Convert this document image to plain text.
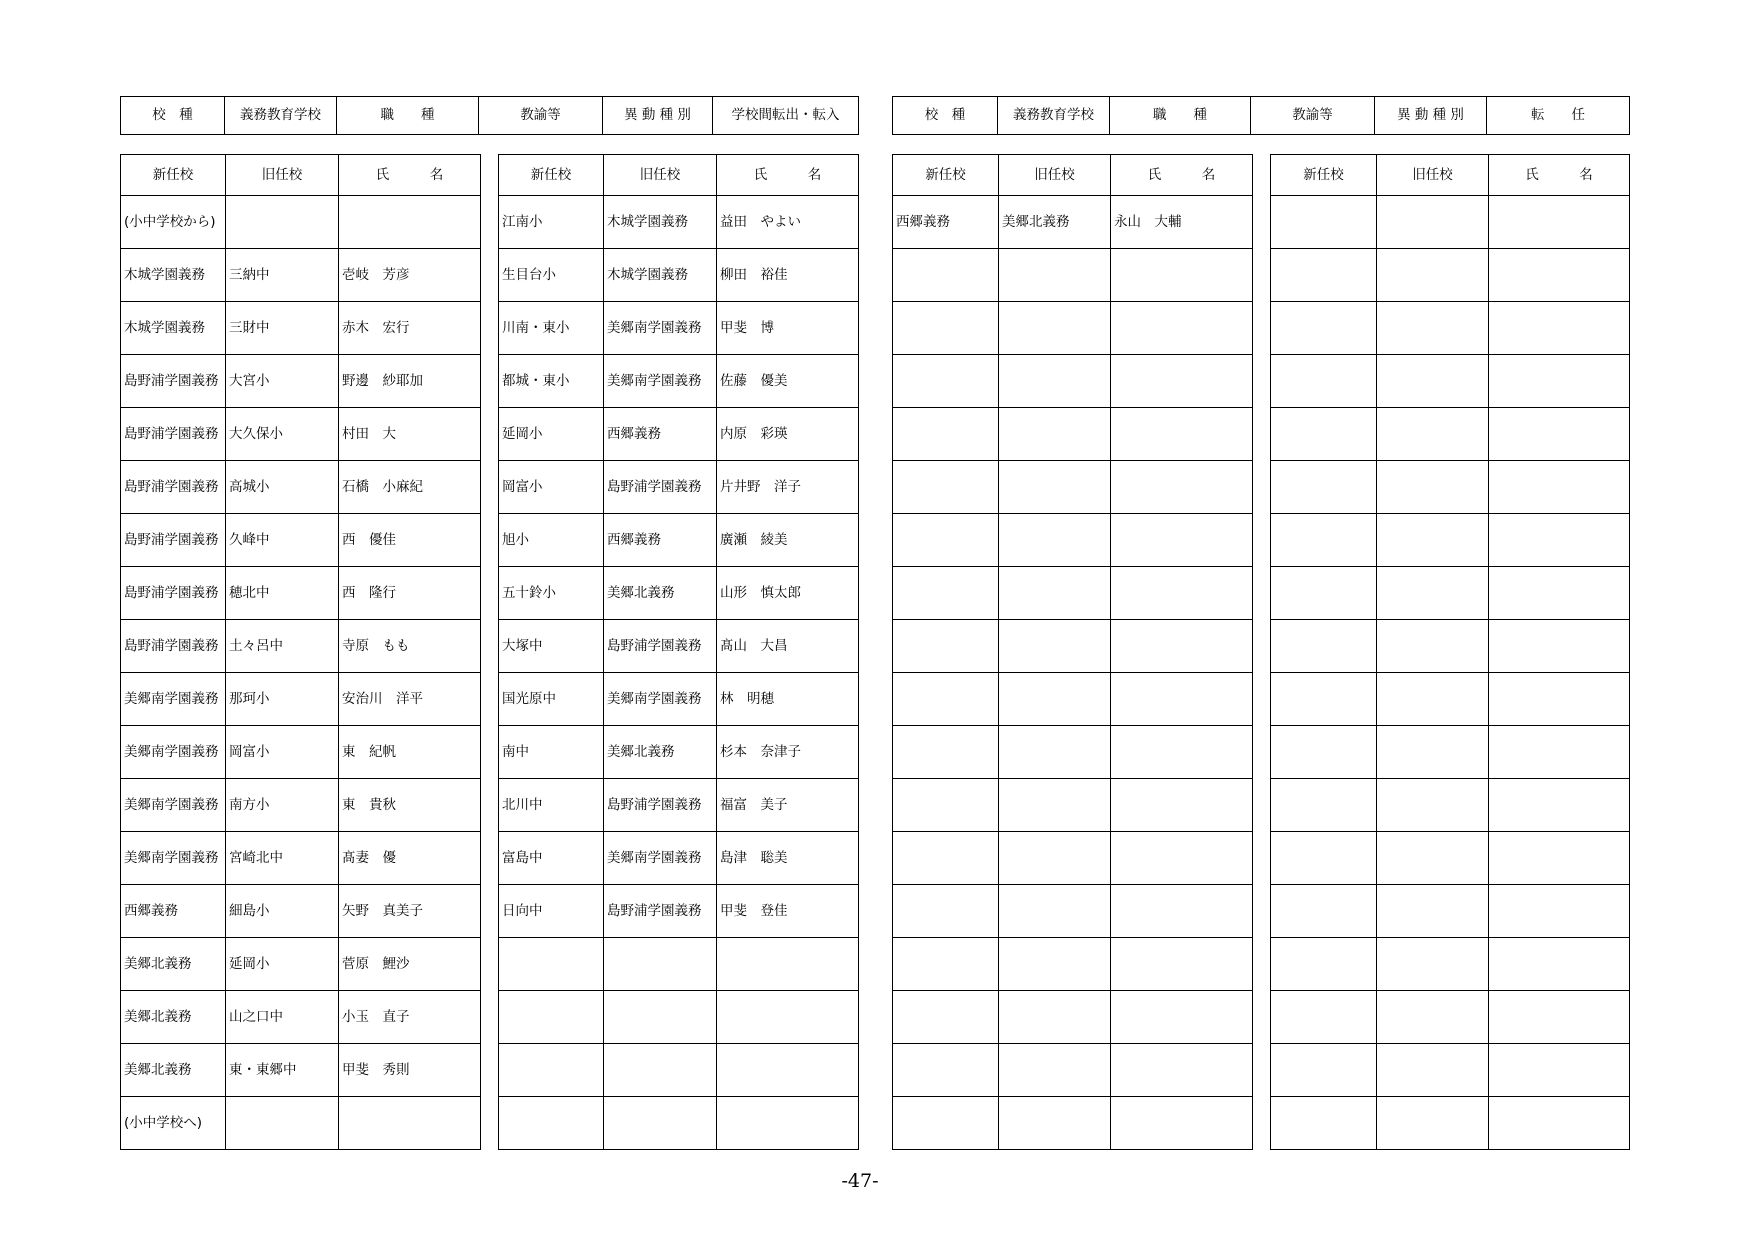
校　種	義務教育学校	職　　種	教諭等	異 動 種 別	学校間転出・転入	校　種	義務教育学校	職　　種	教諭等	異 動 種 別	転　　任
新任校	旧任校	氏　　　名
(小中学校から)		
木城学園義務	三納中	壱岐　芳彦
木城学園義務	三財中	赤木　宏行
島野浦学園義務	大宮小	野邊　紗耶加
島野浦学園義務	大久保小	村田　大
島野浦学園義務	高城小	石橋　小麻紀
島野浦学園義務	久峰中	西　優佳
島野浦学園義務	穂北中	西　隆行
島野浦学園義務	土々呂中	寺原　もも
美郷南学園義務	那珂小	安治川　洋平
美郷南学園義務	岡富小	東　紀帆
美郷南学園義務	南方小	東　貴秋
美郷南学園義務	宮崎北中	髙妻　優
西郷義務	細島小	矢野　真美子
美郷北義務	延岡小	菅原　鯉沙
美郷北義務	山之口中	小玉　直子
美郷北義務	東・東郷中	甲斐　秀則
(小中学校へ)		
新任校	旧任校	氏　　　名
江南小	木城学園義務	益田　やよい
生目台小	木城学園義務	柳田　裕佳
川南・東小	美郷南学園義務	甲斐　博
都城・東小	美郷南学園義務	佐藤　優美
延岡小	西郷義務	内原　彩瑛
岡富小	島野浦学園義務	片井野　洋子
旭小	西郷義務	廣瀬　綾美
五十鈴小	美郷北義務	山形　慎太郎
大塚中	島野浦学園義務	髙山　大昌
国光原中	美郷南学園義務	林　明穂
南中	美郷北義務	杉本　奈津子
北川中	島野浦学園義務	福富　美子
富島中	美郷南学園義務	島津　聡美
日向中	島野浦学園義務	甲斐　登佳

新任校	旧任校	氏　　　名
西郷義務	美郷北義務	永山　大輔

新任校	旧任校	氏　　　名

-47-
